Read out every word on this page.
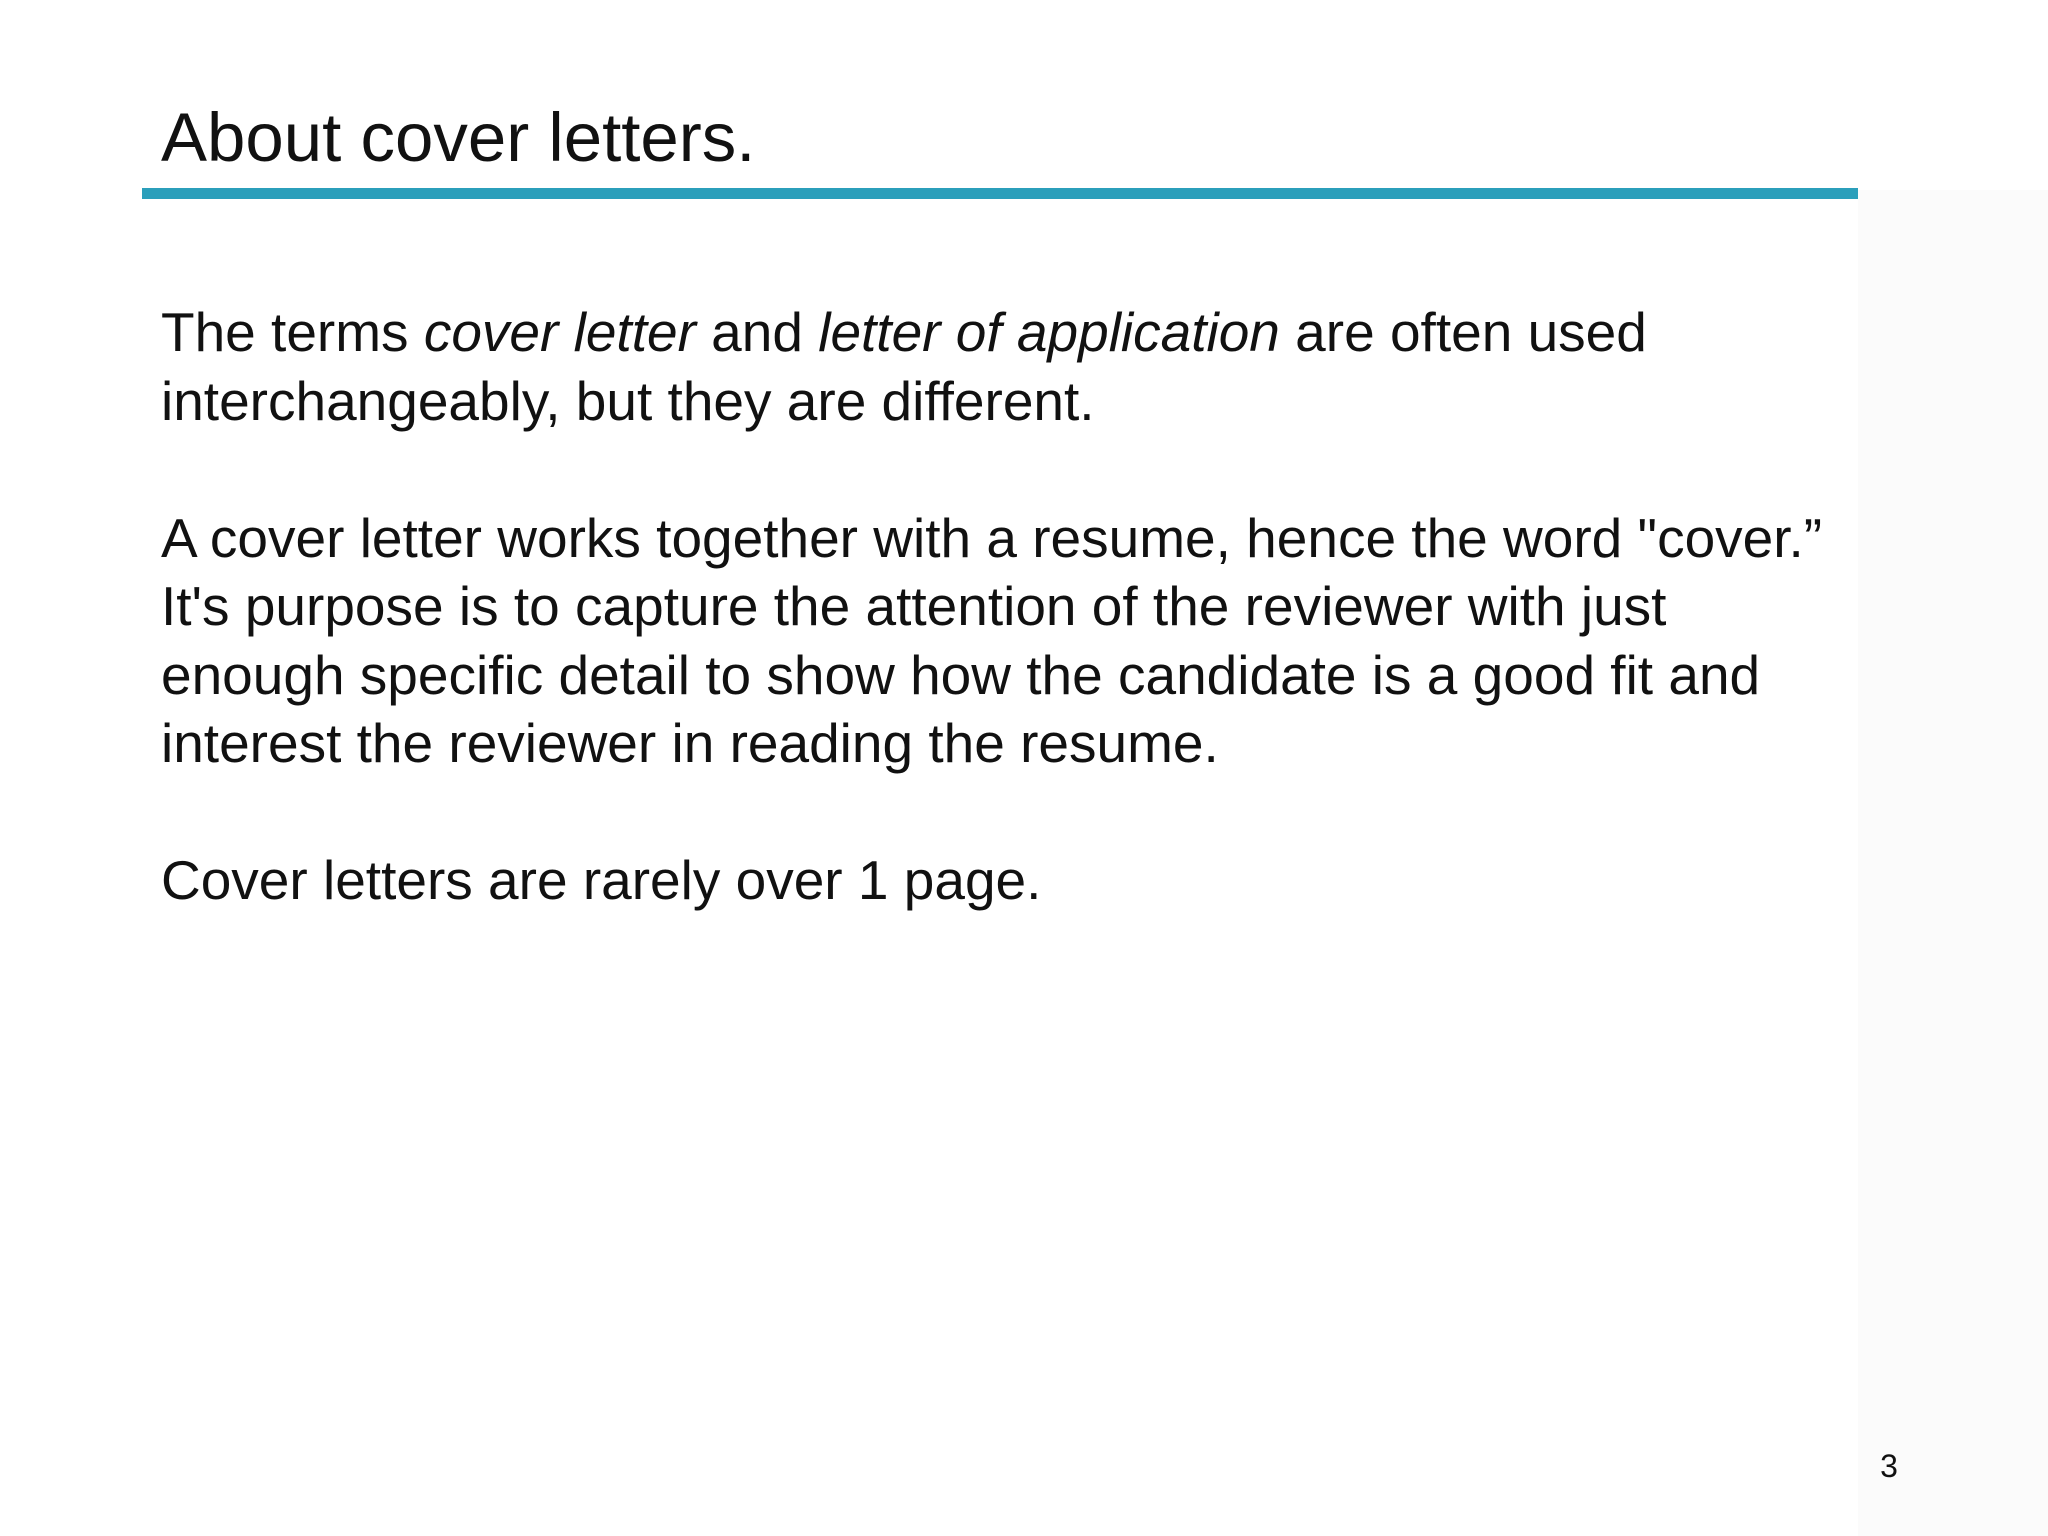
About cover letters.

The terms cover letter and letter of application are often used
interchangeably, but they are different.

A cover letter works together with a resume, hence the word "cover.”
It's purpose is to capture the attention of the reviewer with just
enough specific detail to show how the candidate is a good fit and
interest the reviewer in reading the resume.

Cover letters are rarely over 1 page.

3
